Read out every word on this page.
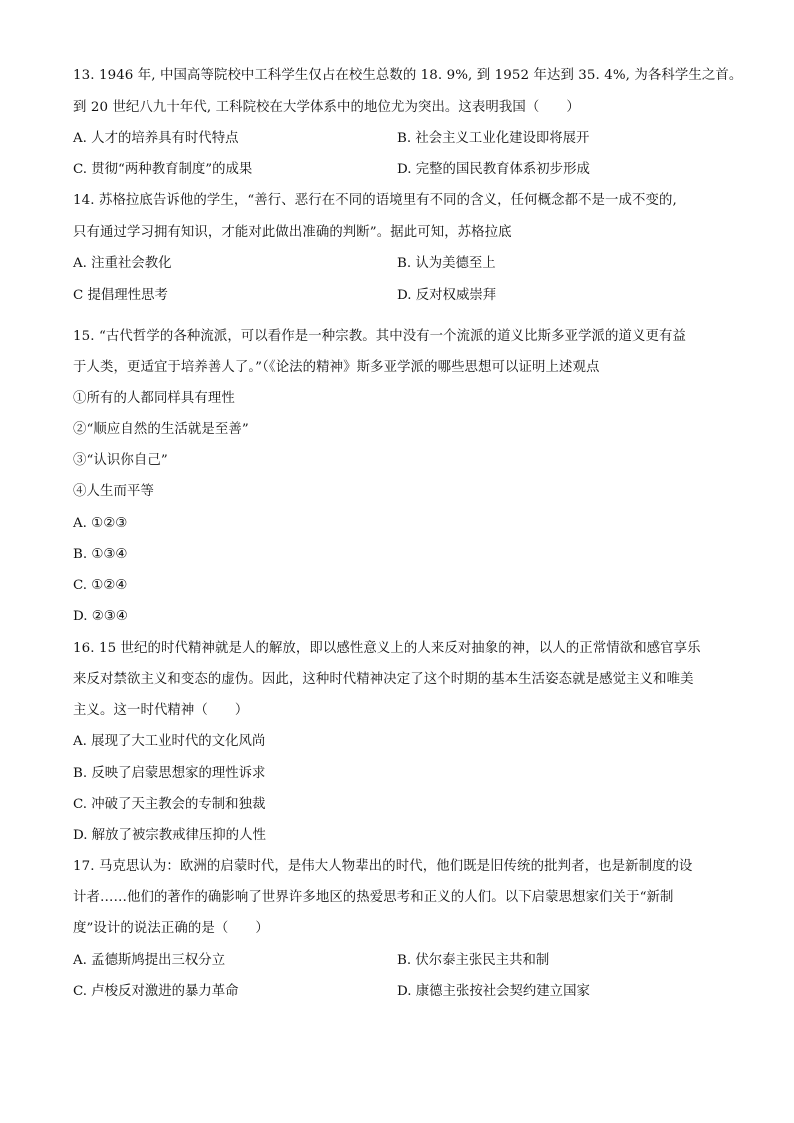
13. 1946 年, 中国高等院校中工科学生仅占在校生总数的 18. 9%, 到 1952 年达到 35. 4%, 为各科学生之首。
到 20 世纪八九十年代, 工科院校在大学体系中的地位尤为突出。这表明我国（　　）
A. 人才的培养具有时代特点	B. 社会主义工业化建设即将展开
C. 贯彻“两种教育制度”的成果	D. 完整的国民教育体系初步形成
14. 苏格拉底告诉他的学生，“善行、恶行在不同的语境里有不同的含义，任何概念都不是一成不变的,
只有通过学习拥有知识，才能对此做出准确的判断”。据此可知，苏格拉底
A. 注重社会教化	B. 认为美德至上
C 提倡理性思考	D. 反对权威崇拜
15. “古代哲学的各种流派，可以看作是一种宗教。其中没有一个流派的道义比斯多亚学派的道义更有益
于人类，更适宜于培养善人了。”（《论法的精神》斯多亚学派的哪些思想可以证明上述观点
①所有的人都同样具有理性
②“顺应自然的生活就是至善”
③“认识你自己”
④人生而平等
A. ①②③
B. ①③④
C. ①②④
D. ②③④
16. 15 世纪的时代精神就是人的解放，即以感性意义上的人来反对抽象的神，以人的正常情欲和感官享乐
来反对禁欲主义和变态的虚伪。因此，这种时代精神决定了这个时期的基本生活姿态就是感觉主义和唯美
主义。这一时代精神（　　）
A. 展现了大工业时代的文化风尚
B. 反映了启蒙思想家的理性诉求
C. 冲破了天主教会的专制和独裁
D. 解放了被宗教戒律压抑的人性
17. 马克思认为：欧洲的启蒙时代，是伟大人物辈出的时代，他们既是旧传统的批判者，也是新制度的设
计者……他们的著作的确影响了世界许多地区的热爱思考和正义的人们。以下启蒙思想家们关于“新制
度”设计的说法正确的是（　　）
A. 孟德斯鸠提出三权分立	B. 伏尔泰主张民主共和制
C. 卢梭反对激进的暴力革命	D. 康德主张按社会契约建立国家
